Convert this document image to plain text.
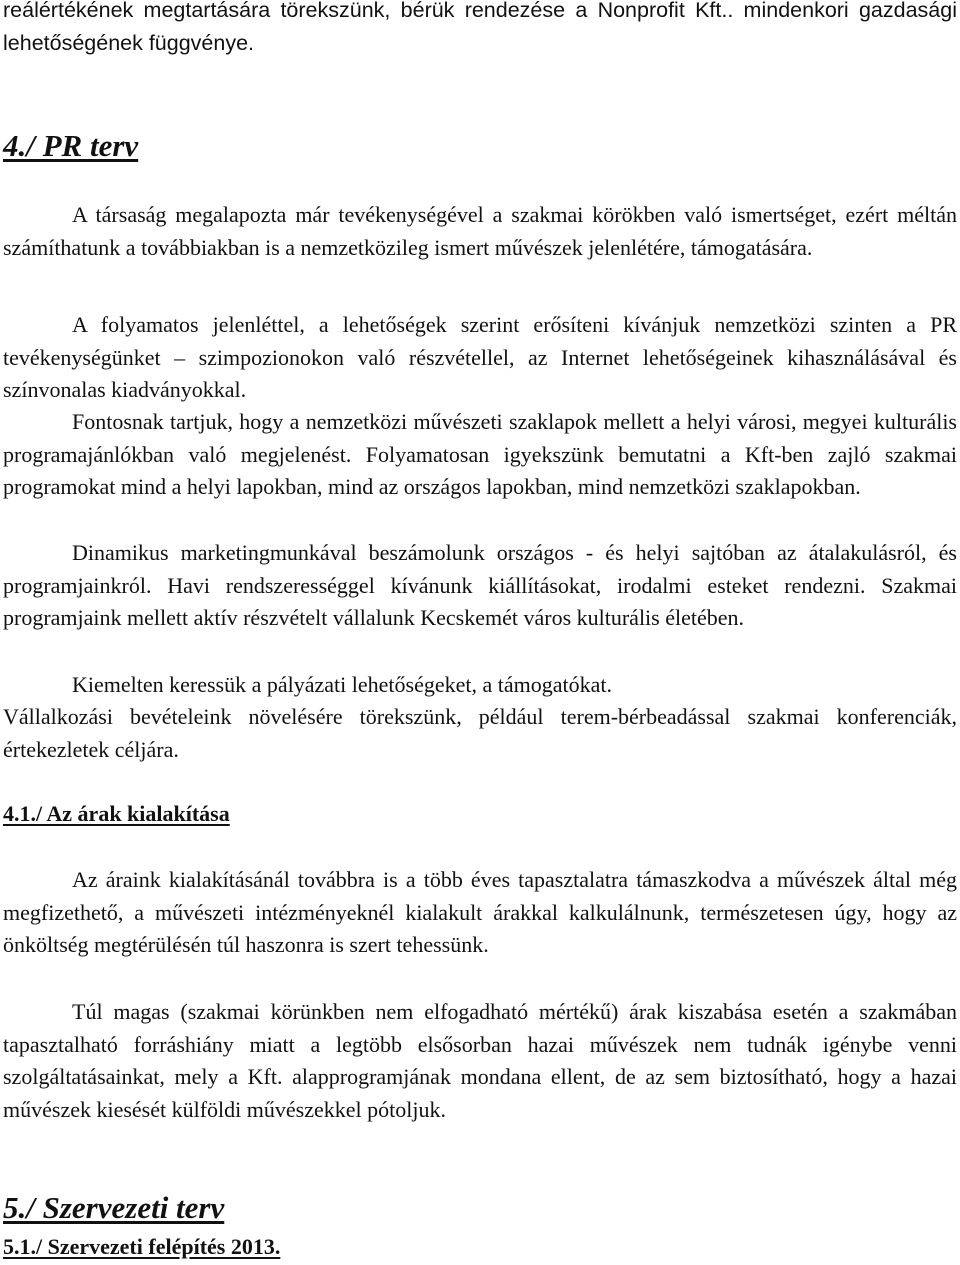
reálértékének megtartására törekszünk, bérük rendezése a Nonprofit Kft.. mindenkori gazdasági lehetőségének függvénye.

4./ PR terv

A társaság megalapozta már tevékenységével a szakmai körökben való ismertséget, ezért méltán számíthatunk a továbbiakban is a nemzetközileg ismert művészek jelenlétére, támogatására.

A folyamatos jelenléttel, a lehetőségek szerint erősíteni kívánjuk nemzetközi szinten a PR tevékenységünket – szimpozionokon való részvétellel, az Internet lehetőségeinek kihasználásával és színvonalas kiadványokkal.

Fontosnak tartjuk, hogy a nemzetközi művészeti szaklapok mellett a helyi városi, megyei kulturális programajánlókban való megjelenést. Folyamatosan igyekszünk bemutatni a Kft-ben zajló szakmai programokat mind a helyi lapokban, mind az országos lapokban, mind nemzetközi szaklapokban.

Dinamikus marketingmunkával beszámolunk országos - és helyi sajtóban az átalakulásról, és programjainkról. Havi rendszerességgel kívánunk kiállításokat, irodalmi esteket rendezni. Szakmai programjaink mellett aktív részvételt vállalunk Kecskemét város kulturális életében.

Kiemelten keressük a pályázati lehetőségeket, a támogatókat.

Vállalkozási bevételeink növelésére törekszünk, például terem-bérbeadással szakmai konferenciák, értekezletek céljára.

4.1./ Az árak kialakítása

Az áraink kialakításánál továbbra is a több éves tapasztalatra támaszkodva a művészek által még megfizethető, a művészeti intézményeknél kialakult árakkal kalkulálnunk, természetesen úgy, hogy az önköltség megtérülésén túl haszonra is szert tehessünk.

Túl magas (szakmai körünkben nem elfogadható mértékű) árak kiszabása esetén a szakmában tapasztalható forráshiány miatt a legtöbb elsősorban hazai művészek nem tudnák igénybe venni szolgáltatásainkat, mely a Kft. alapprogramjának mondana ellent, de az sem biztosítható, hogy a hazai művészek kiesését külföldi művészekkel pótoljuk.

5./ Szervezeti terv
5.1./ Szervezeti felépítés 2013.
